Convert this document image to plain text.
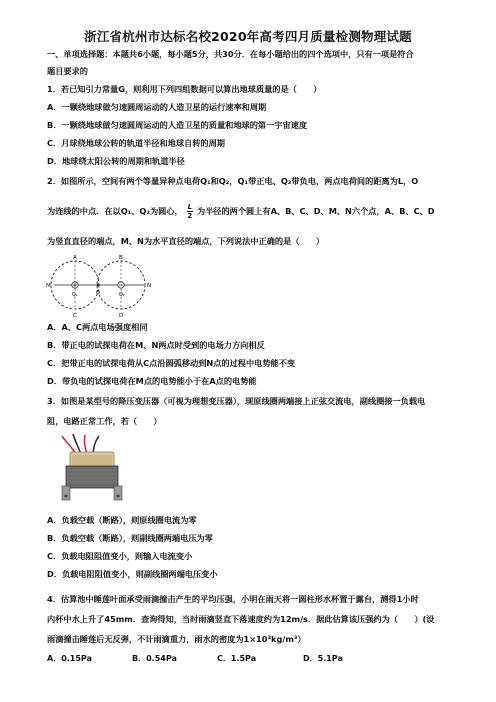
浙江省杭州市达标名校2020年高考四月质量检测物理试题
一、单项选择题：本题共6小题，每小题5分，共30分．在每小题给出的四个选项中，只有一项是符合
题目要求的
1．若已知引力常量G，则利用下列四组数据可以算出地球质量的是（　　）
A．一颗绕地球做匀速圆周运动的人造卫星的运行速率和周期
B．一颗绕地球做匀速圆周运动的人造卫星的质量和地球的第一宇宙速度
C．月球绕地球公转的轨道半径和地球自转的周期
D．地球绕太阳公转的周期和轨道半径
2．如图所示，空间有两个等量异种点电荷Q₁和Q₂，Q₁带正电、Q₂带负电，两点电荷间的距离为L，O
为连线的中点．在以Q₁、Q₂为圆心， $\frac{L}{2}$ 为半径的两个圆上有A、B、C、D、M、N六个点，A、B、C、D
为竖直直径的端点，M、N为水平直径的端点，下列说法中正确的是（　　）
A
C
B
D
M	N
O
Q₁	Q₂
A．A、C两点电场强度相同
B．带正电的试探电荷在M、N两点时受到的电场力方向相反
C．把带正电的试探电荷从C点沿圆弧移动到N点的过程中电势能不变
D．带负电的试探电荷在M点的电势能小于在A点的电势能
3．如图是某型号的降压变压器（可视为理想变压器），现原线圈两端接上正弦交流电，副线圈接一负载电
阻，电路正常工作，若（　　）
A．负载空载（断路），则原线圈电流为零
B．负载空载（断路），则副线圈两端电压为零
C．负载电阻阻值变小，则输入电流变小
D．负载电阻阻值变小，则副线圈两端电压变小
4．估算池中睡莲叶面承受雨滴撞击产生的平均压强，小明在雨天将一圆柱形水杯置于露台，测得1小时
内杯中水上升了45mm．查询得知，当时雨滴竖直下落速度约为12m/s．据此估算该压强约为（　　）(设
雨滴撞击睡莲后无反弹，不计雨滴重力，雨水的密度为1×10³kg/m³）
A．0.15Pa	B．0.54Pa	C．1.5Pa	D．5.1Pa
